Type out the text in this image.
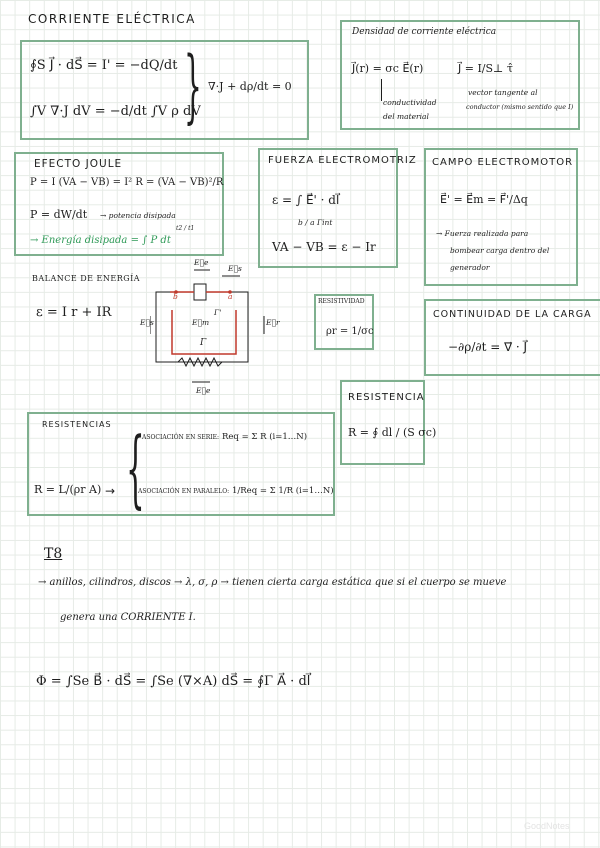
CORRIENTE ELÉCTRICA
∮S J⃗ · dS⃗ = I' = −dQ/dt
∫V ∇·J dV = −d/dt ∫V ρ dV
} ∇·J + dρ/dt = 0
Densidad de corriente eléctrica
J⃗(r) = σc E⃗(r)	J⃗ = I/S⊥ τ̂
conductividad
del material
vector tangente al
conductor (mismo sentido que I)
EFECTO JOULE
P = I (VA − VB) = I² R = (VA − VB)²/R
P = dW/dt → potencia disipada
→ Energía disipada = ∫ P dt
t2 / t1
FUERZA ELECTROMOTRIZ
ε = ∫ E⃗' · dl⃗
b / a Γint
VA − VB = ε − Ir
CAMPO ELECTROMOTOR
E⃗' = E⃗m = F⃗'/Δq
→ Fuerza realizada para
bombear carga dentro del
generador
BALANCE DE ENERGÍA
ε = I r + IR
E⃗e
E⃗s
b	a
E⃗m
Γ'
Γ
E⃗s	E⃗r
E⃗e
RESISTIVIDAD
ρr = 1/σc
CONTINUIDAD DE LA CARGA
−∂ρ/∂t = ∇⃗ · J⃗
RESISTENCIA
R = ∮ dl / (S σc)
RESISTENCIAS
R = L/(ρr A) → {
ASOCIACIÓN EN SERIE: Req = Σ R (i=1…N)
ASOCIACIÓN EN PARALELO: 1/Req = Σ 1/R (i=1…N)
T8
→ anillos, cilindros, discos → λ, σ, ρ → tienen cierta carga estática que si el cuerpo se mueve
genera una CORRIENTE I.
Φ = ∫Se B⃗ · dS⃗ = ∫Se (∇×A) dS⃗ = ∮Γ A⃗ · dl⃗
GoodNotes
